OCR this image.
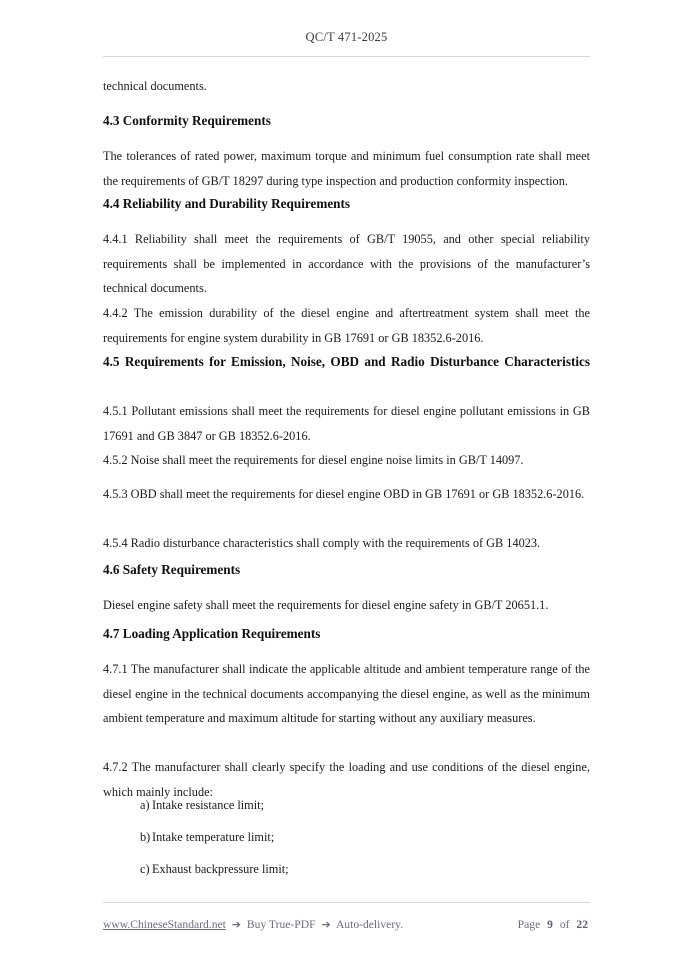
QC/T 471-2025

technical documents.

4.3 Conformity Requirements

The tolerances of rated power, maximum torque and minimum fuel consumption rate shall meet the requirements of GB/T 18297 during type inspection and production conformity inspection.

4.4 Reliability and Durability Requirements

4.4.1 Reliability shall meet the requirements of GB/T 19055, and other special reliability requirements shall be implemented in accordance with the provisions of the manufacturer’s technical documents.

4.4.2 The emission durability of the diesel engine and aftertreatment system shall meet the requirements for engine system durability in GB 17691 or GB 18352.6-2016.

4.5 Requirements for Emission, Noise, OBD and Radio Disturbance Characteristics

4.5.1 Pollutant emissions shall meet the requirements for diesel engine pollutant emissions in GB 17691 and GB 3847 or GB 18352.6-2016.

4.5.2 Noise shall meet the requirements for diesel engine noise limits in GB/T 14097.

4.5.3 OBD shall meet the requirements for diesel engine OBD in GB 17691 or GB 18352.6-2016.

4.5.4 Radio disturbance characteristics shall comply with the requirements of GB 14023.

4.6 Safety Requirements

Diesel engine safety shall meet the requirements for diesel engine safety in GB/T 20651.1.

4.7 Loading Application Requirements

4.7.1 The manufacturer shall indicate the applicable altitude and ambient temperature range of the diesel engine in the technical documents accompanying the diesel engine, as well as the minimum ambient temperature and maximum altitude for starting without any auxiliary measures.

4.7.2 The manufacturer shall clearly specify the loading and use conditions of the diesel engine, which mainly include:

a) Intake resistance limit;
b) Intake temperature limit;
c) Exhaust backpressure limit;
www.ChineseStandard.net ➔ Buy True-PDF ➔ Auto-delivery.	Page 9 of 22
